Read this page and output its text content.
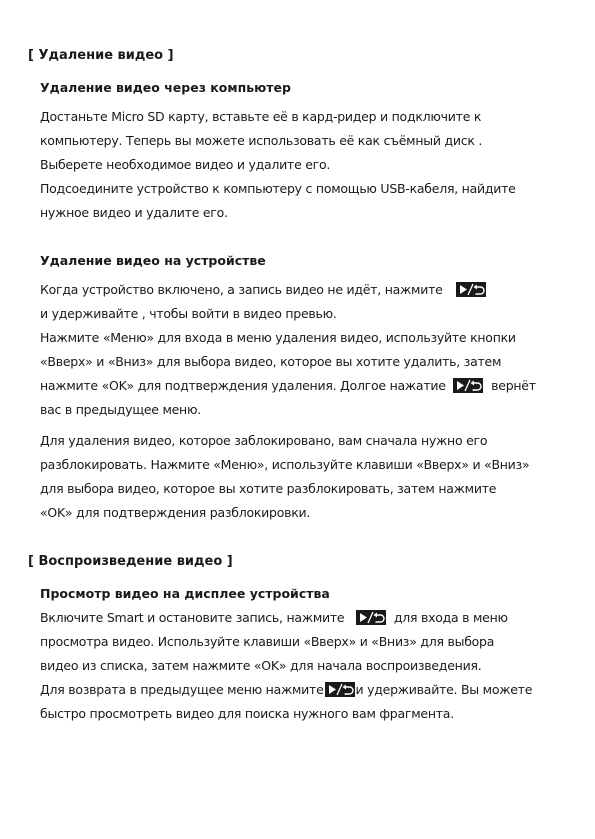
[ Удаление видео ]
Удаление видео через компьютер
Достаньте Micro SD карту, вставьте её в кард-ридер и подключите к
компьютеру. Теперь вы можете использовать её как съёмный диск .
Выберете необходимое видео и удалите его.
Подсоедините устройство к компьютеру с помощью USB-кабеля, найдите
нужное видео и удалите его.
Удаление видео на устройстве
Когда устройство включено, а запись видео не идёт, нажмите
и удерживайте , чтобы войти в видео превью.
Нажмите «Меню» для входа в меню удаления видео, используйте кнопки
«Вверх» и «Вниз» для выбора видео, которое вы хотите удалить, затем
нажмите «OK» для подтверждения удаления. Долгое нажатие	вернёт
вас в предыдущее меню.
Для удаления видео, которое заблокировано, вам сначала нужно его
разблокировать. Нажмите «Меню», используйте клавиши «Вверх» и «Вниз»
для выбора видео, которое вы хотите разблокировать, затем нажмите
«OK» для подтверждения разблокировки.
[ Воспроизведение видео ]
Просмотр видео на дисплее устройства
Включите Smart и остановите запись, нажмите	для входа в меню
просмотра видео. Используйте клавиши «Вверх» и «Вниз» для выбора
видео из списка, затем нажмите «OK» для начала воспроизведения.
Для возврата в предыдущее меню нажмите	и удерживайте. Вы можете
быстро просмотреть видео для поиска нужного вам фрагмента.
